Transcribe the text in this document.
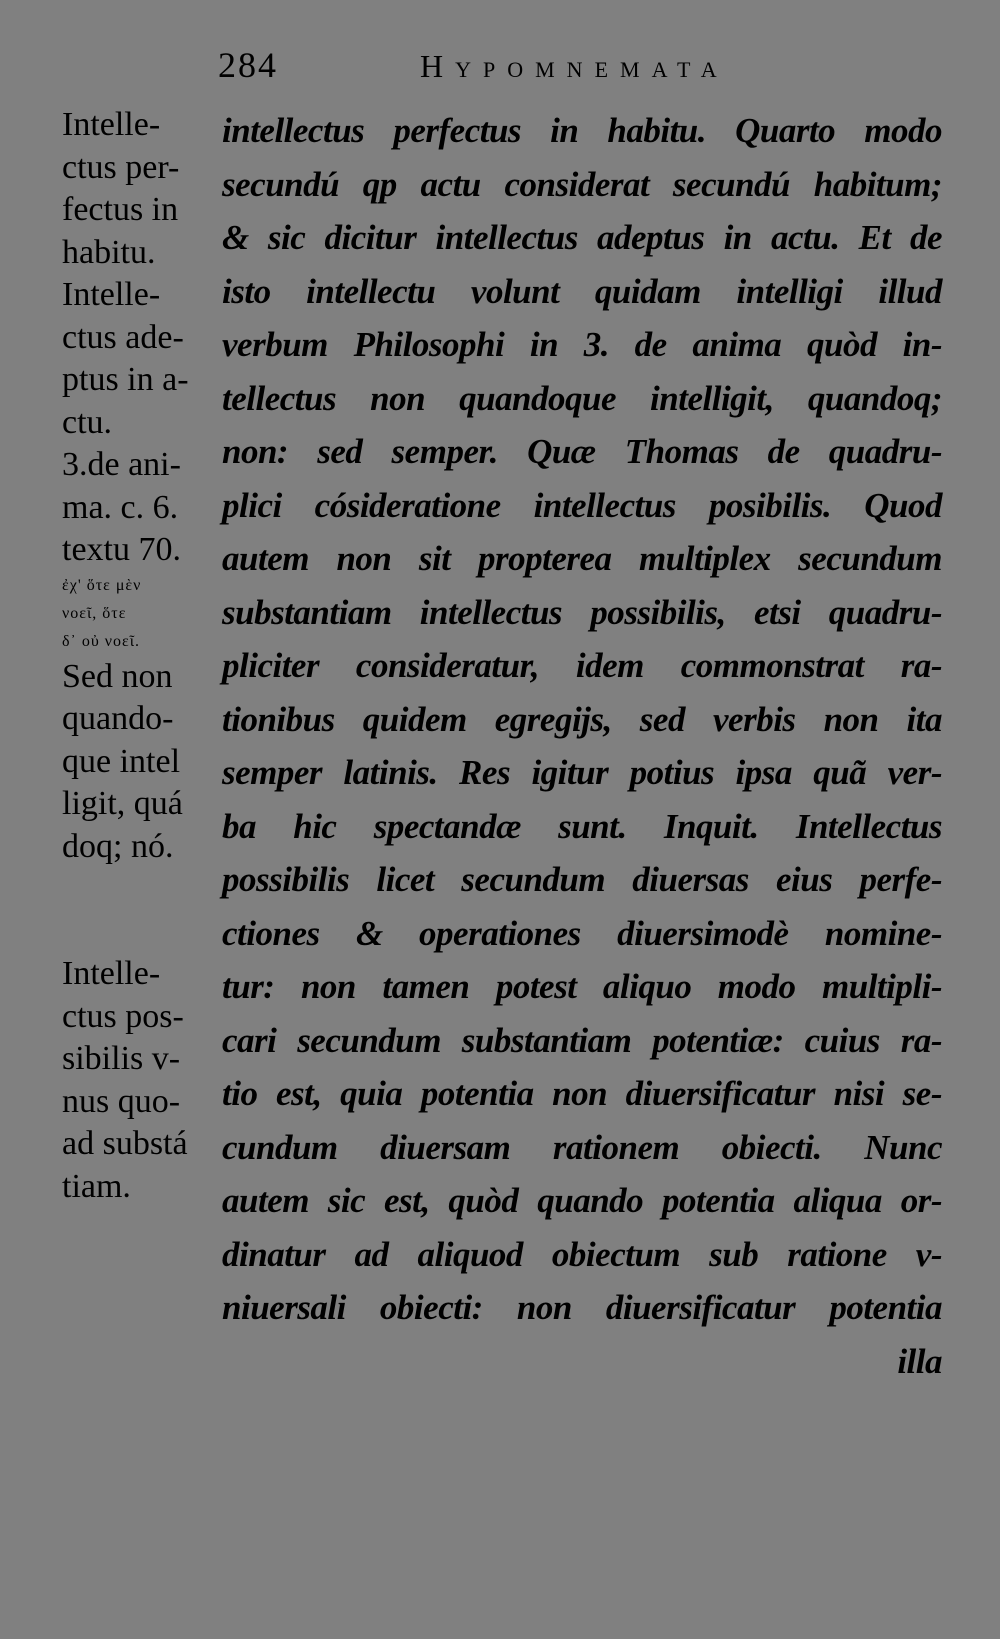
284	Hypomnemata

Intelle-

ctus per-

fectus in

habitu.

Intelle-

ctus ade-

ptus in a-

ctu.

3.de ani-

ma. c. 6.

textu 70.

ἐχ' ὅτε μὲν

νοεῖ, ὅτε

δ᾽ οὐ νοεῖ.

Sed non

quando-

que intel

ligit, quá

doq; nó.

Intelle-

ctus pos-

sibilis v-

nus quo-

ad substá

tiam.

intellectus perfectus in habitu. Quarto modo

secundú qp actu considerat secundú habitum;

& sic dicitur intellectus adeptus in actu. Et de

isto intellectu volunt quidam intelligi illud

verbum Philosophi in 3. de anima quòd in-

tellectus non quandoque intelligit, quandoq;

non: sed semper. Quæ Thomas de quadru-

plici cósideratione intellectus posibilis. Quod

autem non sit propterea multiplex secundum

substantiam intellectus possibilis, etsi quadru-

pliciter consideratur, idem commonstrat ra-

tionibus quidem egregijs, sed verbis non ita

semper latinis. Res igitur potius ipsa quã ver-

ba hic spectandæ sunt. Inquit. Intellectus

possibilis licet secundum diuersas eius perfe-

ctiones & operationes diuersimodè nomine-

tur: non tamen potest aliquo modo multipli-

cari secundum substantiam potentiæ: cuius ra-

tio est, quia potentia non diuersificatur nisi se-

cundum diuersam rationem obiecti. Nunc

autem sic est, quòd quando potentia aliqua or-

dinatur ad aliquod obiectum sub ratione v-

niuersali obiecti: non diuersificatur potentia

illa
